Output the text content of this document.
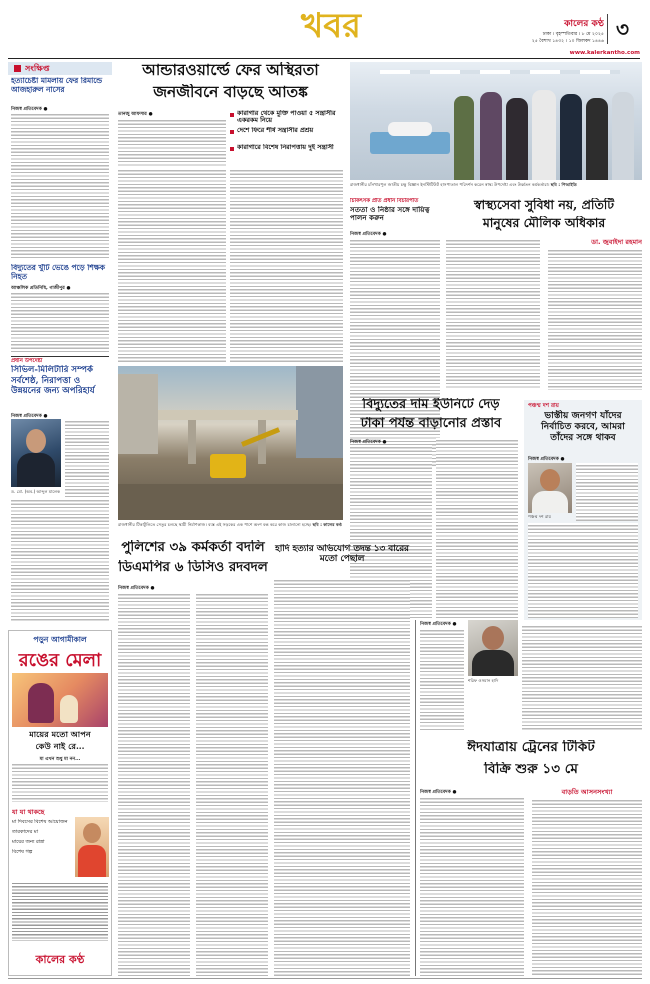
খবর	কালের কণ্ঠ
ঢাকা । বৃহস্পতিবার । ৮ মে ২০২৫
২৫ বৈশাখ ১৪৩২ । ১০ জিলকদ ১৪৪৬
৩
www.kalerkantho.com
সংক্ষিপ্ত
হত্যাচেষ্টা মামলায় ফের রিমান্ডে আজহারুল নাসের
নিজস্ব প্রতিবেদক ●
বিদ্যুতের খুঁটি ভেঙে পড়ে শিক্ষক নিহত
আঞ্চলিক প্রতিনিধি, গাজীপুর ●
প্রধান উপদেষ্টা
সিভিল-মিলিটারি সম্পর্ক সর্বশেষ্ঠ, নিরাপত্তা ও উন্নয়নের জন্য অপরিহার্য
নিজস্ব প্রতিবেদক ●
ড. মো. (অব.) আব্দুল মালেক
আন্ডারওয়ার্ল্ডে ফের অস্থিরতা
জনজীবনে বাড়ছে আতঙ্ক
তানজু আফসার ●	কারাগার থেকে মুক্তি পাওয়া ৫ সন্ত্রাসীর একরকম নিয়ে
দেশে ফিরে শীর্ষ সন্ত্রাসীর প্রশ্রয়
কারাগারে বিশেষ নিরাপত্তায় দুই সন্ত্রাসী
রাজধানীর চাঁনখারপুল জাতীয় চক্ষু বিজ্ঞান ইনস্টিটিউট হাসপাতাল পরিদর্শন করেন স্বাস্থ্য উপদেষ্টা এবং উর্ধ্বতন কর্মকর্তারা। ছবি : পিআইডি
চিকিৎসক প্রতি প্রধান বিচারপতি
সততা ও নিষ্ঠার সঙ্গে দায়িত্ব পালন করুন
স্বাস্থ্যসেবা সুবিধা নয়, প্রতিটি
মানুষের মৌলিক অধিকার
নিজস্ব প্রতিবেদক ●
ডা. জুবাইদা রহমান
রাজধানীর টিকাটুলিতে সেতুর চলছে স্থায়ী নির্মাণকাজ। ব্যস্ত এই সড়কের এক পাশে অংশ বন্ধ করে কাজ চালানো হচ্ছে। ছবি : কালের কণ্ঠ
বিদ্যুতের দাম ইউনিটে দেড়
টাকা পর্যন্ত বাড়ানোর প্রস্তাব
নিজস্ব প্রতিবেদক ●
পঞ্চম্ম দশ রায়
ভাস্তীয় জনগণ যাঁদের নির্বাচিত করবে, আমরা তাঁদের সঙ্গে থাকব
নিজস্ব প্রতিবেদক ●
পঞ্চম্ম দশ রায়
পড়ুন আগামীকাল
রঙের মেলা
মায়ের মতো আপন
কেউ নাই রে...
মা এখন শুধু মা নন...
যা যা থাকছে
মা দিবসের বিশেষ আয়োজন
তারকাদের মা
মায়ের জন্য রান্না
বিশেষ গল্প
কালের কণ্ঠ
পুলিশের ৩৯ কর্মকর্তা বদলি
ডিএমপির ৬ ডিসিও রদবদল
নিজস্ব প্রতিবেদক ●
হাদি হত্যার অভিযোগ তদন্ত ১৩ বারের মতো পেছাল
নিজস্ব প্রতিবেদক ●
শরিফ ওসমান হাদি
ঈদযাত্রায় ট্রেনের টিকিট
বিক্রি শুরু ১৩ মে
নিজস্ব প্রতিবেদক ●	বাড়তি আসনসংখ্যা
